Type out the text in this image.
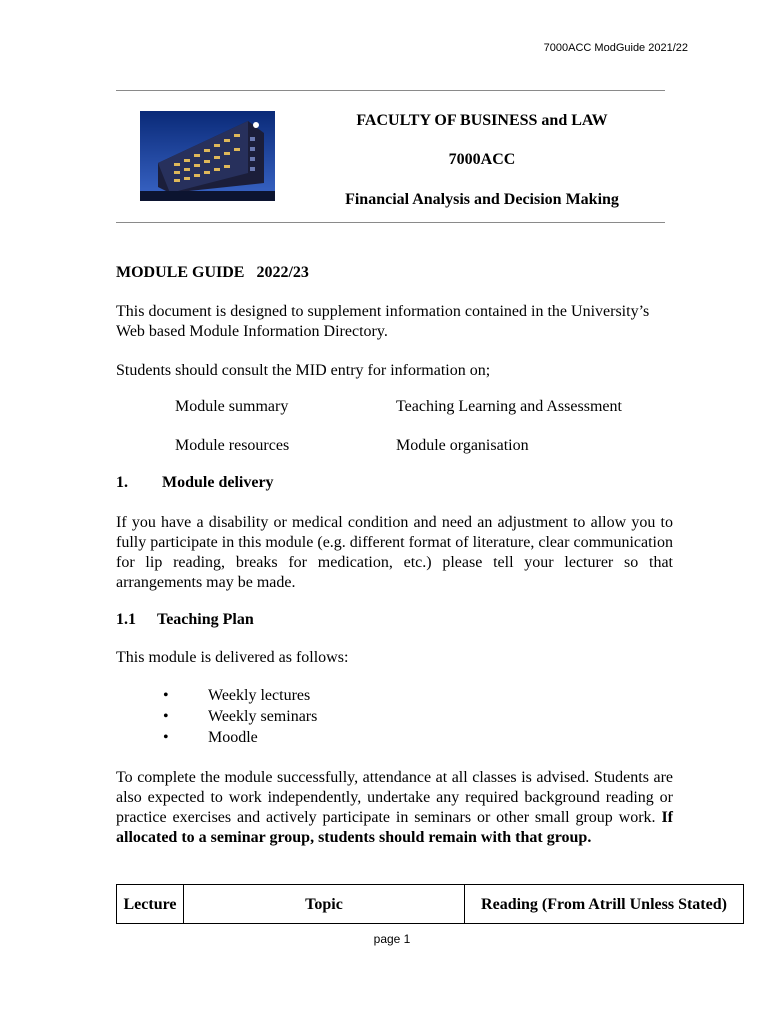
7000ACC ModGuide 2021/22
FACULTY OF BUSINESS and LAW
7000ACC
Financial Analysis and Decision Making
MODULE GUIDE   2022/23
This document is designed to supplement information contained in the University’s Web based Module Information Directory.
Students should consult the MID entry for information on;
Module summary	Teaching Learning and Assessment
Module resources	Module organisation
1.	Module delivery
If you have a disability or medical condition and need an adjustment to allow you to fully participate in this module (e.g. different format of literature, clear communication for lip reading, breaks for medication, etc.) please tell your lecturer so that arrangements may be made.
1.1	Teaching Plan
This module is delivered as follows:
• Weekly lectures
• Weekly seminars
• Moodle
To complete the module successfully, attendance at all classes is advised. Students are also expected to work independently, undertake any required background reading or practice exercises and actively participate in seminars or other small group work. If allocated to a seminar group, students should remain with that group.
Lecture	Topic	Reading (From Atrill Unless Stated)
page 1
